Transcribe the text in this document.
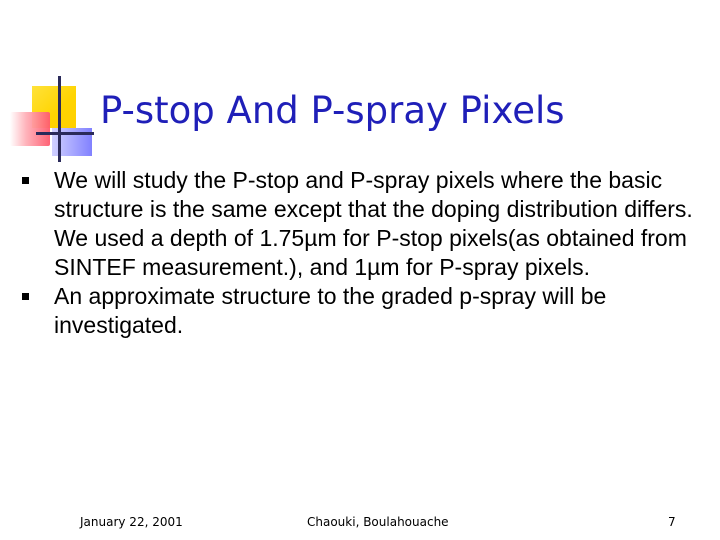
P-stop And P-spray Pixels
We will study the P-stop and P-spray pixels where the basic structure is the same except that the doping distribution differs. We used a depth of 1.75µm for P-stop pixels(as obtained from SINTEF measurement.), and 1µm for P-spray pixels.
An approximate structure to the graded p-spray will be investigated.
January 22, 2001	Chaouki, Boulahouache	7
